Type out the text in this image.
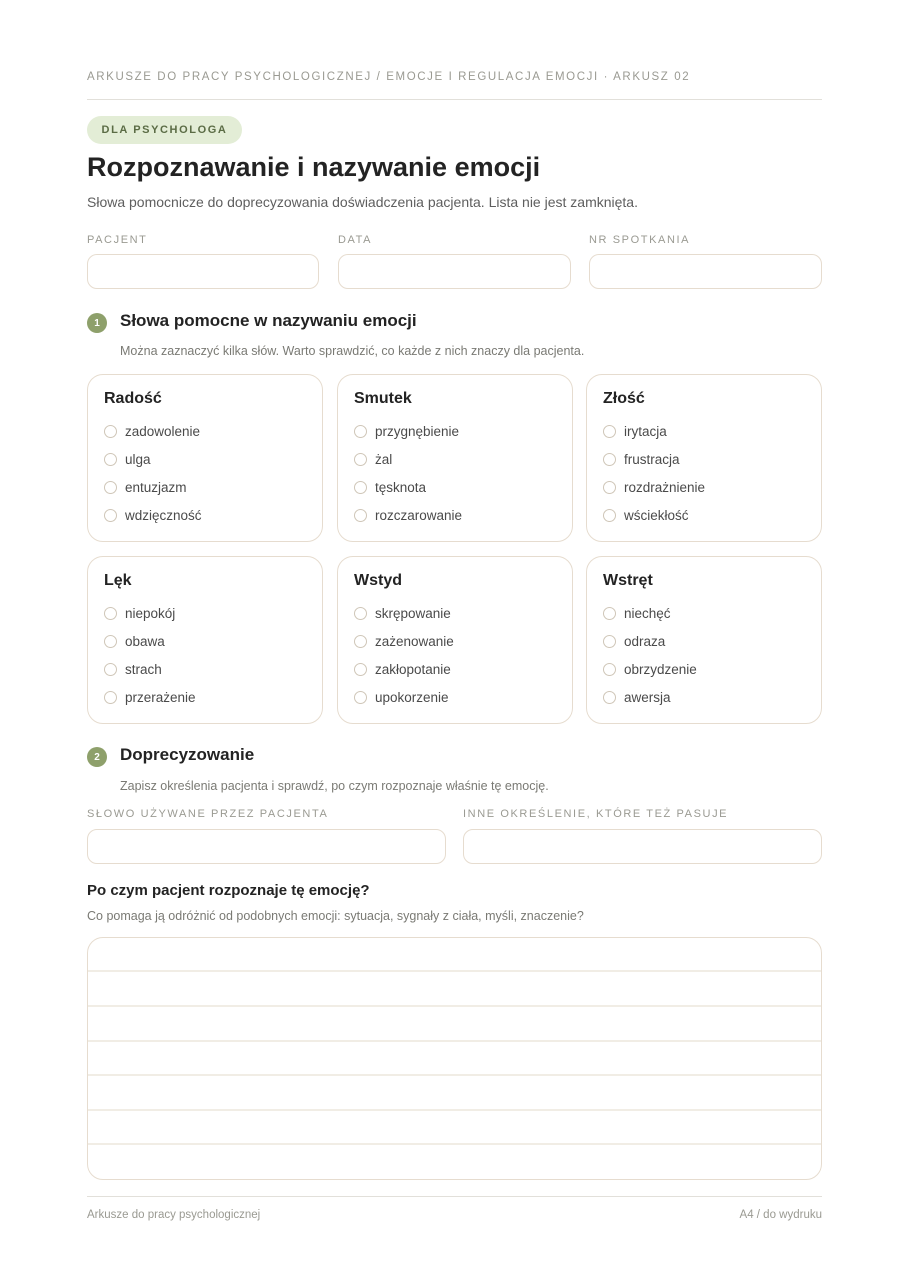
ARKUSZE DO PRACY PSYCHOLOGICZNEJ / EMOCJE I REGULACJA EMOCJI · ARKUSZ 02
DLA PSYCHOLOGA
Rozpoznawanie i nazywanie emocji

Słowa pomocnicze do doprecyzowania doświadczenia pacjenta. Lista nie jest zamknięta.

PACJENT	DATA	NR SPOTKANIA
1	Słowa pomocne w nazywaniu emocji

Można zaznaczyć kilka słów. Warto sprawdzić, co każde z nich znaczy dla pacjenta.

Radość
zadowolenie
ulga
entuzjazm
wdzięczność
Smutek
przygnębienie
żal
tęsknota
rozczarowanie
Złość
irytacja
frustracja
rozdrażnienie
wściekłość
Lęk
niepokój
obawa
strach
przerażenie
Wstyd
skrępowanie
zażenowanie
zakłopotanie
upokorzenie
Wstręt
niechęć
odraza
obrzydzenie
awersja
2	Doprecyzowanie

Zapisz określenia pacjenta i sprawdź, po czym rozpoznaje właśnie tę emocję.

SŁOWO UŻYWANE PRZEZ PACJENTA	INNE OKREŚLENIE, KTÓRE TEŻ PASUJE
Po czym pacjent rozpoznaje tę emocję?

Co pomaga ją odróżnić od podobnych emocji: sytuacja, sygnały z ciała, myśli, znaczenie?

Arkusze do pracy psychologicznej	A4 / do wydruku
